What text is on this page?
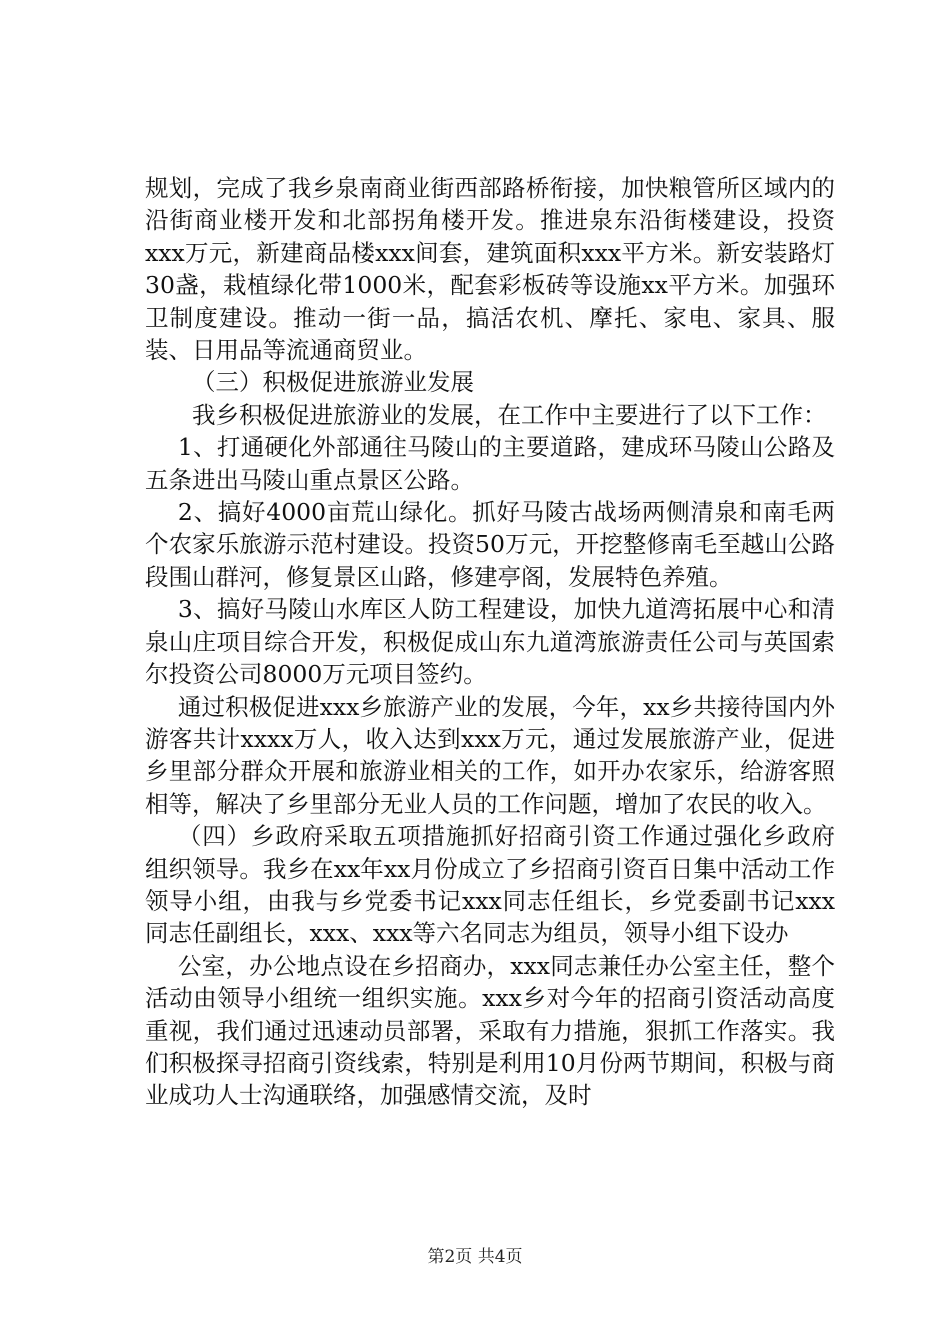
规划，完成了我乡泉南商业街西部路桥衔接，加快粮管所区域内的沿街商业楼开发和北部拐角楼开发。推进泉东沿街楼建设，投资xxx万元，新建商品楼xxx间套，建筑面积xxx平方米。新安装路灯30盏，栽植绿化带1000米，配套彩板砖等设施xx平方米。加强环卫制度建设。推动一街一品，搞活农机、摩托、家电、家具、服装、日用品等流通商贸业。

（三）积极促进旅游业发展

我乡积极促进旅游业的发展，在工作中主要进行了以下工作：

1、打通硬化外部通往马陵山的主要道路，建成环马陵山公路及五条进出马陵山重点景区公路。

2、搞好4000亩荒山绿化。抓好马陵古战场两侧清泉和南毛两个农家乐旅游示范村建设。投资50万元，开挖整修南毛至越山公路段围山群河，修复景区山路，修建亭阁，发展特色养殖。

3、搞好马陵山水库区人防工程建设，加快九道湾拓展中心和清泉山庄项目综合开发，积极促成山东九道湾旅游责任公司与英国索尔投资公司8000万元项目签约。

通过积极促进xxx乡旅游产业的发展，今年，xx乡共接待国内外游客共计xxxx万人，收入达到xxx万元，通过发展旅游产业，促进乡里部分群众开展和旅游业相关的工作，如开办农家乐，给游客照相等，解决了乡里部分无业人员的工作问题，增加了农民的收入。

（四）乡政府采取五项措施抓好招商引资工作通过强化乡政府组织领导。我乡在xx年xx月份成立了乡招商引资百日集中活动工作领导小组，由我与乡党委书记xxx同志任组长，乡党委副书记xxx同志任副组长，xxx、xxx等六名同志为组员，领导小组下设办

公室，办公地点设在乡招商办，xxx同志兼任办公室主任，整个活动由领导小组统一组织实施。xxx乡对今年的招商引资活动高度重视，我们通过迅速动员部署，采取有力措施，狠抓工作落实。我们积极探寻招商引资线索，特别是利用10月份两节期间，积极与商业成功人士沟通联络，加强感情交流，及时

第2页 共4页
